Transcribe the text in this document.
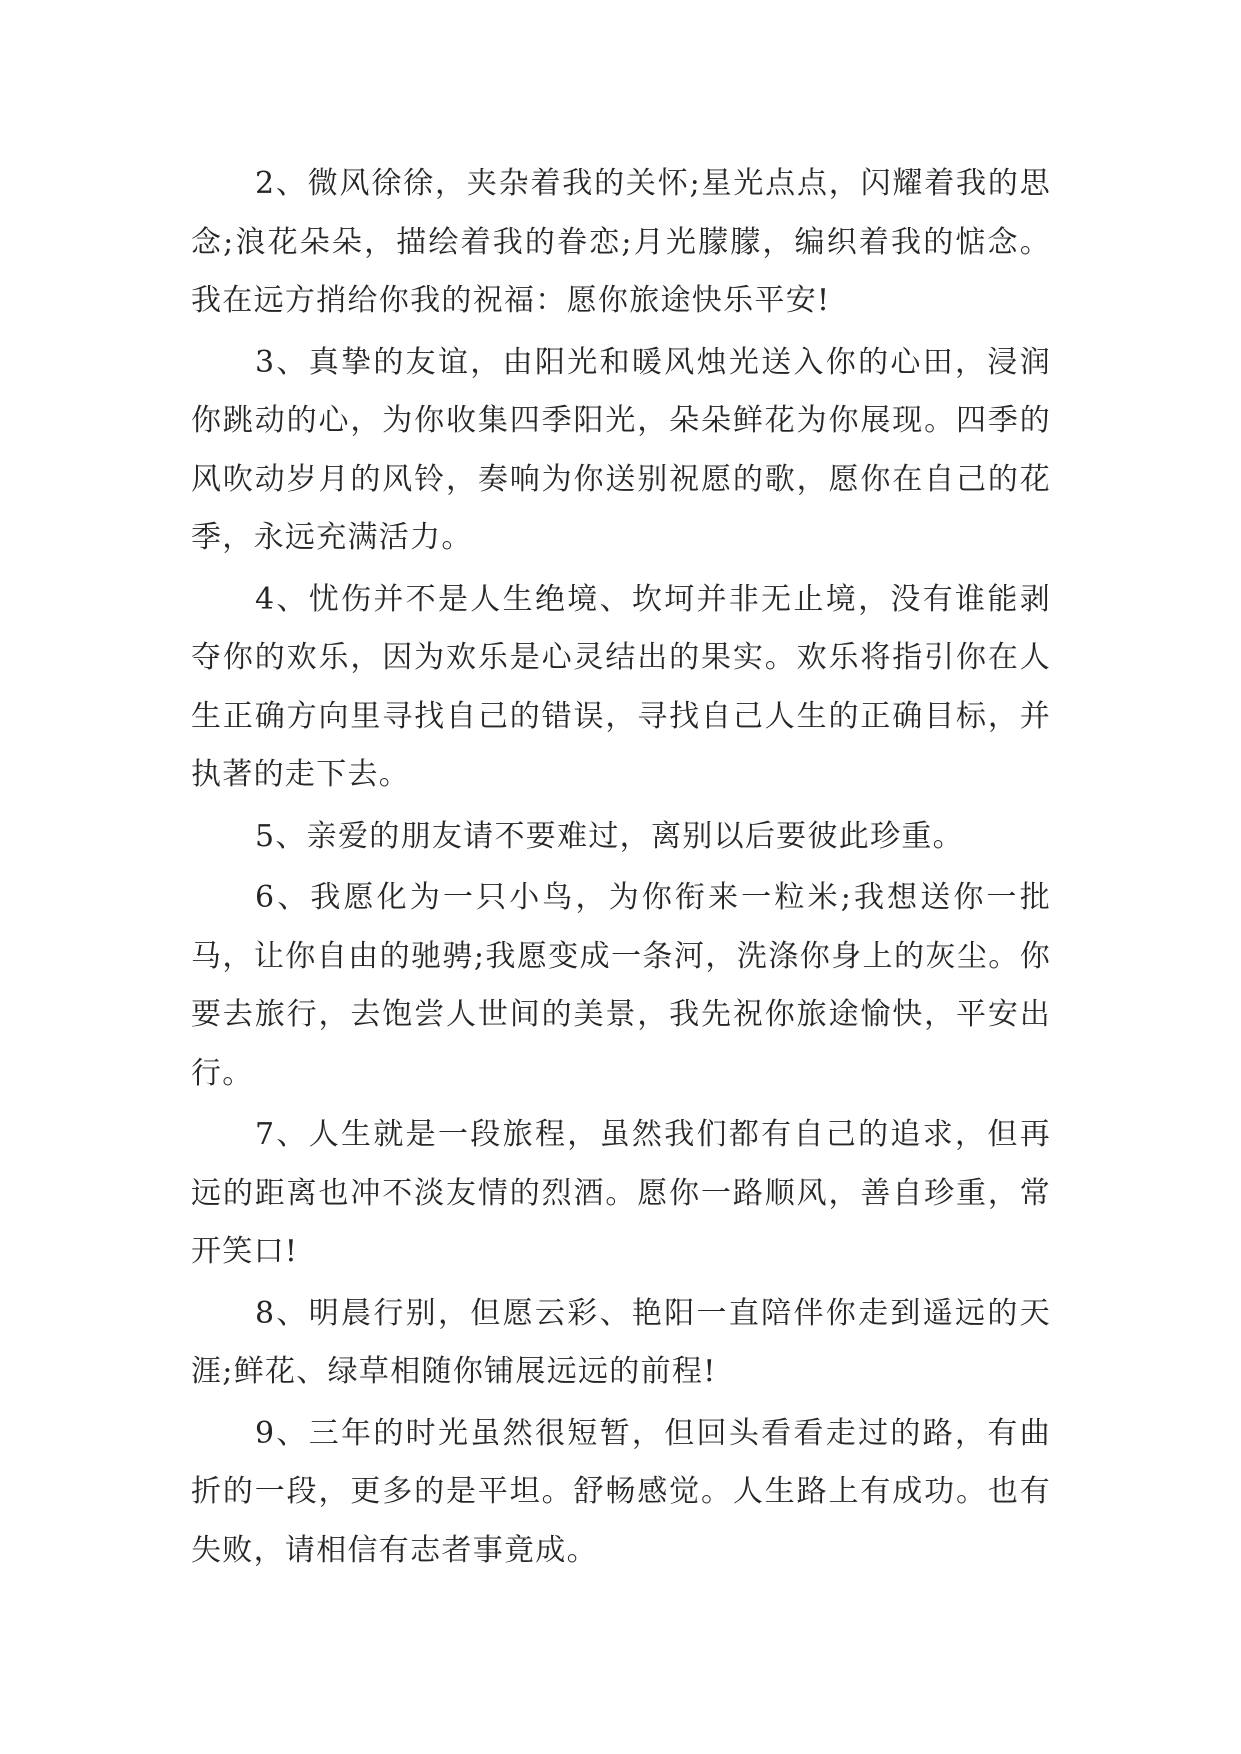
2、微风徐徐，夹杂着我的关怀;星光点点，闪耀着我的思念;浪花朵朵，描绘着我的眷恋;月光朦朦，编织着我的惦念。我在远方捎给你我的祝福：愿你旅途快乐平安!

3、真挚的友谊，由阳光和暖风烛光送入你的心田，浸润你跳动的心，为你收集四季阳光，朵朵鲜花为你展现。四季的风吹动岁月的风铃，奏响为你送别祝愿的歌，愿你在自己的花季，永远充满活力。

4、忧伤并不是人生绝境、坎坷并非无止境，没有谁能剥夺你的欢乐，因为欢乐是心灵结出的果实。欢乐将指引你在人生正确方向里寻找自己的错误，寻找自己人生的正确目标，并执著的走下去。

5、亲爱的朋友请不要难过，离别以后要彼此珍重。

6、我愿化为一只小鸟，为你衔来一粒米;我想送你一批马，让你自由的驰骋;我愿变成一条河，洗涤你身上的灰尘。你要去旅行，去饱尝人世间的美景，我先祝你旅途愉快，平安出行。

7、人生就是一段旅程，虽然我们都有自己的追求，但再远的距离也冲不淡友情的烈酒。愿你一路顺风，善自珍重，常开笑口!

8、明晨行别，但愿云彩、艳阳一直陪伴你走到遥远的天涯;鲜花、绿草相随你铺展远远的前程!

9、三年的时光虽然很短暂，但回头看看走过的路，有曲折的一段，更多的是平坦。舒畅感觉。人生路上有成功。也有失败，请相信有志者事竟成。
